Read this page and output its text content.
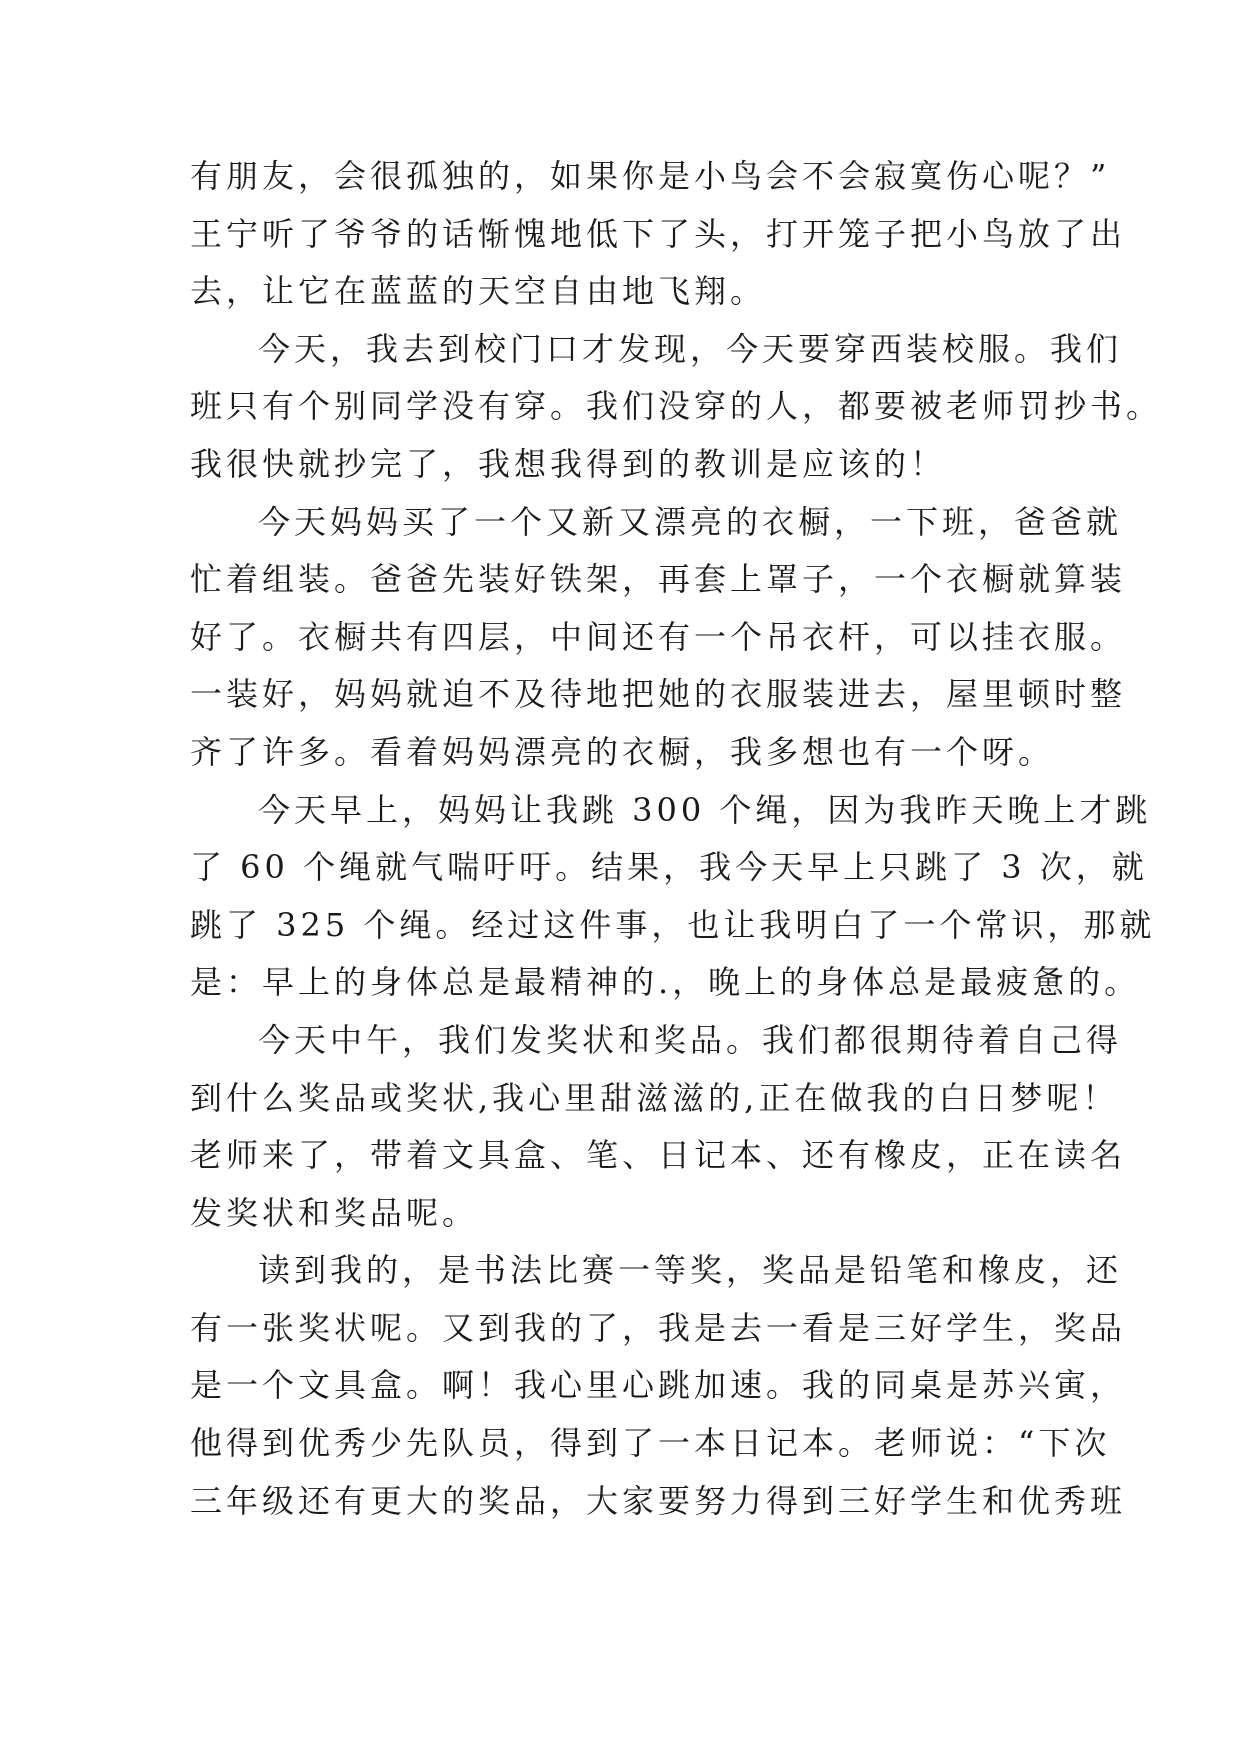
有朋友，会很孤独的，如果你是小鸟会不会寂寞伤心呢？”
王宁听了爷爷的话惭愧地低下了头，打开笼子把小鸟放了出
去，让它在蓝蓝的天空自由地飞翔。
今天，我去到校门口才发现，今天要穿西装校服。我们
班只有个别同学没有穿。我们没穿的人，都要被老师罚抄书。
我很快就抄完了，我想我得到的教训是应该的！
今天妈妈买了一个又新又漂亮的衣橱，一下班，爸爸就
忙着组装。爸爸先装好铁架，再套上罩子，一个衣橱就算装
好了。衣橱共有四层，中间还有一个吊衣杆，可以挂衣服。
一装好，妈妈就迫不及待地把她的衣服装进去，屋里顿时整
齐了许多。看着妈妈漂亮的衣橱，我多想也有一个呀。
今天早上，妈妈让我跳 300 个绳，因为我昨天晚上才跳
了 60 个绳就气喘吁吁。结果，我今天早上只跳了 3 次，就
跳了 325 个绳。经过这件事，也让我明白了一个常识，那就
是：早上的身体总是最精神的.，晚上的身体总是最疲惫的。
今天中午，我们发奖状和奖品。我们都很期待着自己得
到什么奖品或奖状,我心里甜滋滋的,正在做我的白日梦呢！
老师来了，带着文具盒、笔、日记本、还有橡皮，正在读名
发奖状和奖品呢。
读到我的，是书法比赛一等奖，奖品是铅笔和橡皮，还
有一张奖状呢。又到我的了，我是去一看是三好学生，奖品
是一个文具盒。啊！我心里心跳加速。我的同桌是苏兴寅，
他得到优秀少先队员，得到了一本日记本。老师说：“下次
三年级还有更大的奖品，大家要努力得到三好学生和优秀班
